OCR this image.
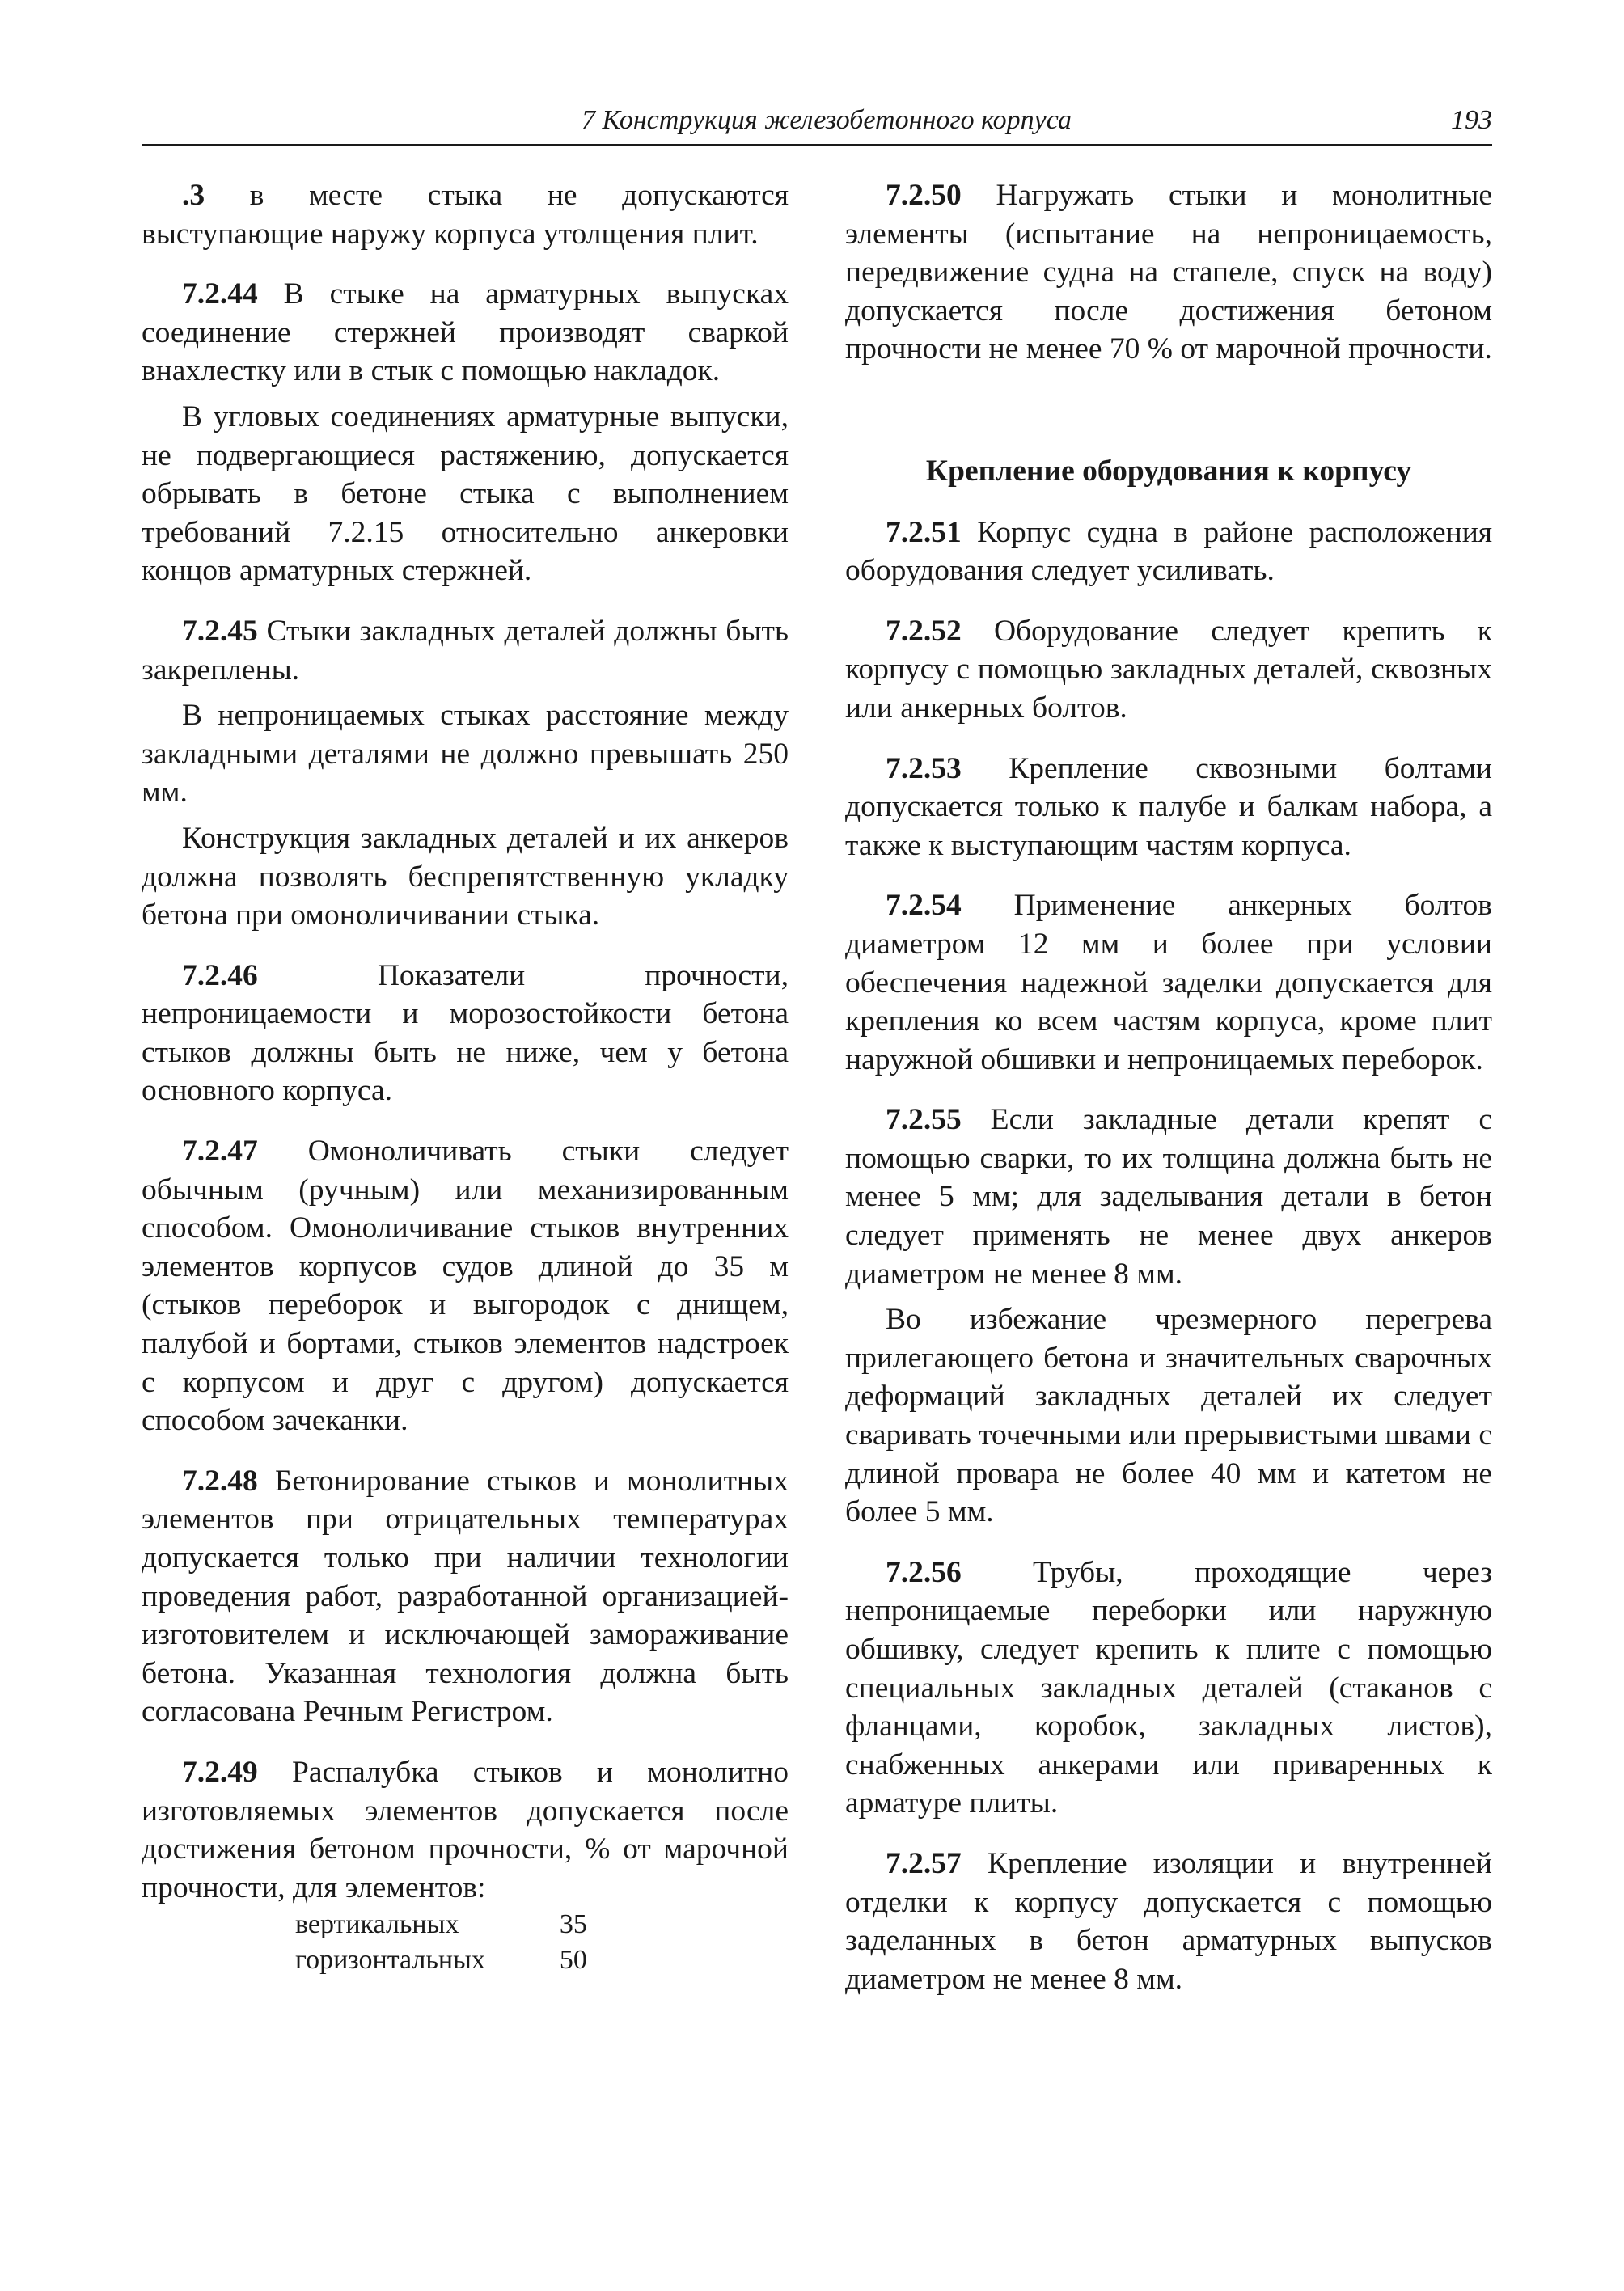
7 Конструкция железобетонного корпуса	193

.3 в месте стыка не допускаются выступающие наружу корпуса утолщения плит.

7.2.44 В стыке на арматурных выпусках соединение стержней производят сваркой внахлестку или в стык с помощью накладок.

В угловых соединениях арматурные выпуски, не подвергающиеся растяжению, допускается обрывать в бетоне стыка с выполнением требований 7.2.15 относительно анкеровки концов арматурных стержней.

7.2.45 Стыки закладных деталей должны быть закреплены.

В непроницаемых стыках расстояние между закладными деталями не должно превышать 250 мм.

Конструкция закладных деталей и их анкеров должна позволять беспрепятственную укладку бетона при омоноличивании стыка.

7.2.46	Показатели прочности, непроницаемости и морозостойкости бетона стыков должны быть не ниже, чем у бетона основного корпуса.

7.2.47 Омоноличивать стыки следует обычным (ручным) или механизированным способом. Омоноличивание стыков внутренних элементов корпусов судов длиной до 35 м (стыков переборок и выгородок с днищем, палубой и бортами, стыков элементов надстроек с корпусом и друг с другом) допускается способом зачеканки.

7.2.48 Бетонирование стыков и монолитных элементов при отрицательных температурах допускается только при наличии технологии проведения работ, разработанной организацией-изготовителем и исключающей замораживание бетона. Указанная технология должна быть согласована Речным Регистром.

7.2.49 Распалубка стыков и монолитно изготовляемых элементов допускается после достижения бетоном прочности, % от марочной прочности, для элементов:

вертикальных	35
горизонтальных	50

7.2.50 Нагружать стыки и монолитные элементы (испытание на непроницаемость, передвижение судна на стапеле, спуск на воду) допускается после достижения бетоном прочности не менее 70 % от марочной прочности.

Крепление оборудования к корпусу

7.2.51 Корпус судна в районе расположения оборудования следует усиливать.

7.2.52 Оборудование следует крепить к корпусу с помощью закладных деталей, сквозных или анкерных болтов.

7.2.53 Крепление сквозными болтами допускается только к палубе и балкам набора, а также к выступающим частям корпуса.

7.2.54 Применение анкерных болтов диаметром 12 мм и более при условии обеспечения надежной заделки допускается для крепления ко всем частям корпуса, кроме плит наружной обшивки и непроницаемых переборок.

7.2.55 Если закладные детали крепят с помощью сварки, то их толщина должна быть не менее 5 мм; для заделывания детали в бетон следует применять не менее двух анкеров диаметром не менее 8 мм.

Во избежание чрезмерного перегрева прилегающего бетона и значительных сварочных деформаций закладных деталей их следует сваривать точечными или прерывистыми швами с длиной провара не более 40 мм и катетом не более 5 мм.

7.2.56 Трубы, проходящие через непроницаемые переборки или наружную обшивку, следует крепить к плите с помощью специальных закладных деталей (стаканов с фланцами, коробок, закладных листов), снабженных анкерами или приваренных к арматуре плиты.

7.2.57 Крепление изоляции и внутренней отделки к корпусу допускается с помощью заделанных в бетон арматурных выпусков диаметром не менее 8 мм.
